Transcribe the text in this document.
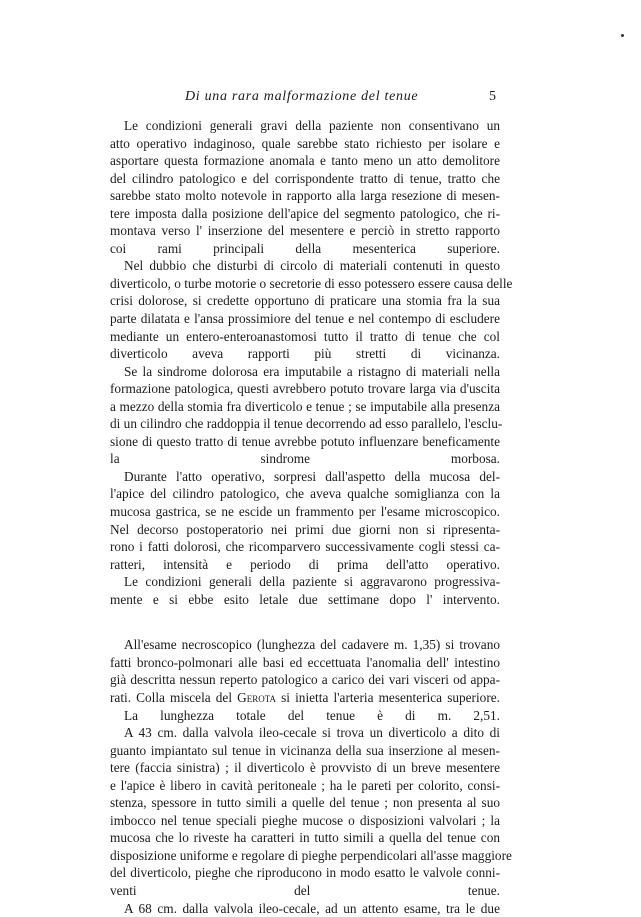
Di una rara malformazione del tenue	5

Le condizioni generali gravi della paziente non consentivano un
atto operativo indaginoso, quale sarebbe stato richiesto per isolare e
asportare questa formazione anomala e tanto meno un atto demolitore
del cilindro patologico e del corrispondente tratto di tenue, tratto che
sarebbe stato molto notevole in rapporto alla larga resezione di mesen-
tere imposta dalla posizione dell'apice del segmento patologico, che ri-
montava verso l' inserzione del mesentere e perciò in stretto rapporto
coi rami principali della mesenterica superiore.

Nel dubbio che disturbi di circolo di materiali contenuti in questo
diverticolo, o turbe motorie o secretorie di esso potessero essere causa delle
crisi dolorose, si credette opportuno di praticare una stomia fra la sua
parte dilatata e l'ansa prossimiore del tenue e nel contempo di escludere
mediante un entero-enteroanastomosi tutto il tratto di tenue che col
diverticolo aveva rapporti più stretti di vicinanza.

Se la sindrome dolorosa era imputabile a ristagno di materiali nella
formazione patologica, questi avrebbero potuto trovare larga via d'uscita
a mezzo della stomia fra diverticolo e tenue ; se imputabile alla presenza
di un cilindro che raddoppia il tenue decorrendo ad esso parallelo, l'esclu-
sione di questo tratto di tenue avrebbe potuto influenzare beneficamente
la sindrome morbosa.

Durante l'atto operativo, sorpresi dall'aspetto della mucosa del-
l'apice del cilindro patologico, che aveva qualche somiglianza con la
mucosa gastrica, se ne escide un frammento per l'esame microscopico.
Nel decorso postoperatorio nei primi due giorni non si ripresenta-
rono i fatti dolorosi, che ricomparvero successivamente cogli stessi ca-
ratteri, intensità e periodo di prima dell'atto operativo.

Le condizioni generali della paziente si aggravarono progressiva-
mente e si ebbe esito letale due settimane dopo l' intervento.

All'esame necroscopico (lunghezza del cadavere m. 1,35) si trovano
fatti bronco-polmonari alle basi ed eccettuata l'anomalia dell' intestino
già descritta nessun reperto patologico a carico dei vari visceri od appa-
rati. Colla miscela del Gerota si inietta l'arteria mesenterica superiore.

La lunghezza totale del tenue è di m. 2,51.

A 43 cm. dalla valvola ileo-cecale si trova un diverticolo a dito di
guanto impiantato sul tenue in vicinanza della sua inserzione al mesen-
tere (faccia sinistra) ; il diverticolo è provvisto di un breve mesentere
e l'apice è libero in cavità peritoneale ; ha le pareti per colorito, consi-
stenza, spessore in tutto simili a quelle del tenue ; non presenta al suo
imbocco nel tenue speciali pieghe mucose o disposizioni valvolari ; la
mucosa che lo riveste ha caratteri in tutto simili a quella del tenue con
disposizione uniforme e regolare di pieghe perpendicolari all'asse maggiore
del diverticolo, pieghe che riproducono in modo esatto le valvole conni-
venti del tenue.

A 68 cm. dalla valvola ileo-cecale, ad un attento esame, tra le due
